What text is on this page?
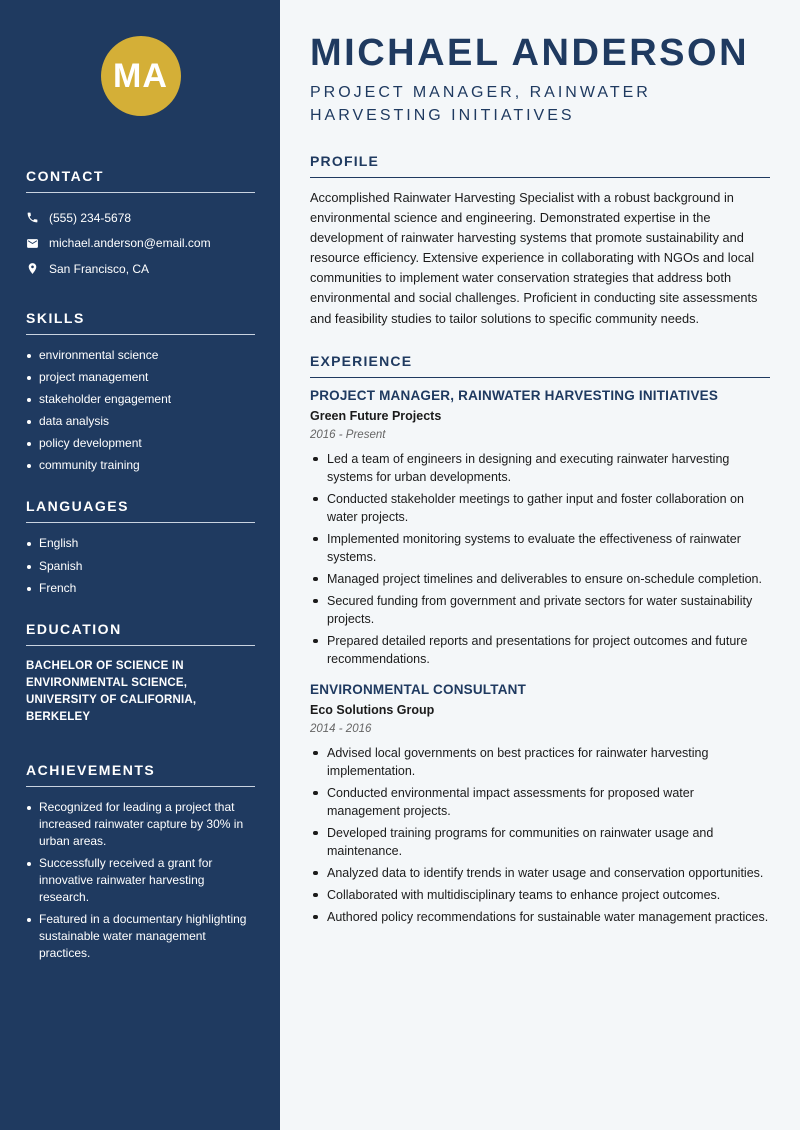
MA
CONTACT
(555) 234-5678
michael.anderson@email.com
San Francisco, CA
SKILLS
environmental science
project management
stakeholder engagement
data analysis
policy development
community training
LANGUAGES
English
Spanish
French
EDUCATION
BACHELOR OF SCIENCE IN ENVIRONMENTAL SCIENCE, UNIVERSITY OF CALIFORNIA, BERKELEY
ACHIEVEMENTS
Recognized for leading a project that increased rainwater capture by 30% in urban areas.
Successfully received a grant for innovative rainwater harvesting research.
Featured in a documentary highlighting sustainable water management practices.
MICHAEL ANDERSON
PROJECT MANAGER, RAINWATER
HARVESTING INITIATIVES
PROFILE

Accomplished Rainwater Harvesting Specialist with a robust background in environmental science and engineering. Demonstrated expertise in the development of rainwater harvesting systems that promote sustainability and resource efficiency. Extensive experience in collaborating with NGOs and local communities to implement water conservation strategies that address both environmental and social challenges. Proficient in conducting site assessments and feasibility studies to tailor solutions to specific community needs.

EXPERIENCE
PROJECT MANAGER, RAINWATER HARVESTING INITIATIVES
Green Future Projects
2016 - Present
Led a team of engineers in designing and executing rainwater harvesting systems for urban developments.
Conducted stakeholder meetings to gather input and foster collaboration on water projects.
Implemented monitoring systems to evaluate the effectiveness of rainwater systems.
Managed project timelines and deliverables to ensure on-schedule completion.
Secured funding from government and private sectors for water sustainability projects.
Prepared detailed reports and presentations for project outcomes and future recommendations.
ENVIRONMENTAL CONSULTANT
Eco Solutions Group
2014 - 2016
Advised local governments on best practices for rainwater harvesting implementation.
Conducted environmental impact assessments for proposed water management projects.
Developed training programs for communities on rainwater usage and maintenance.
Analyzed data to identify trends in water usage and conservation opportunities.
Collaborated with multidisciplinary teams to enhance project outcomes.
Authored policy recommendations for sustainable water management practices.
